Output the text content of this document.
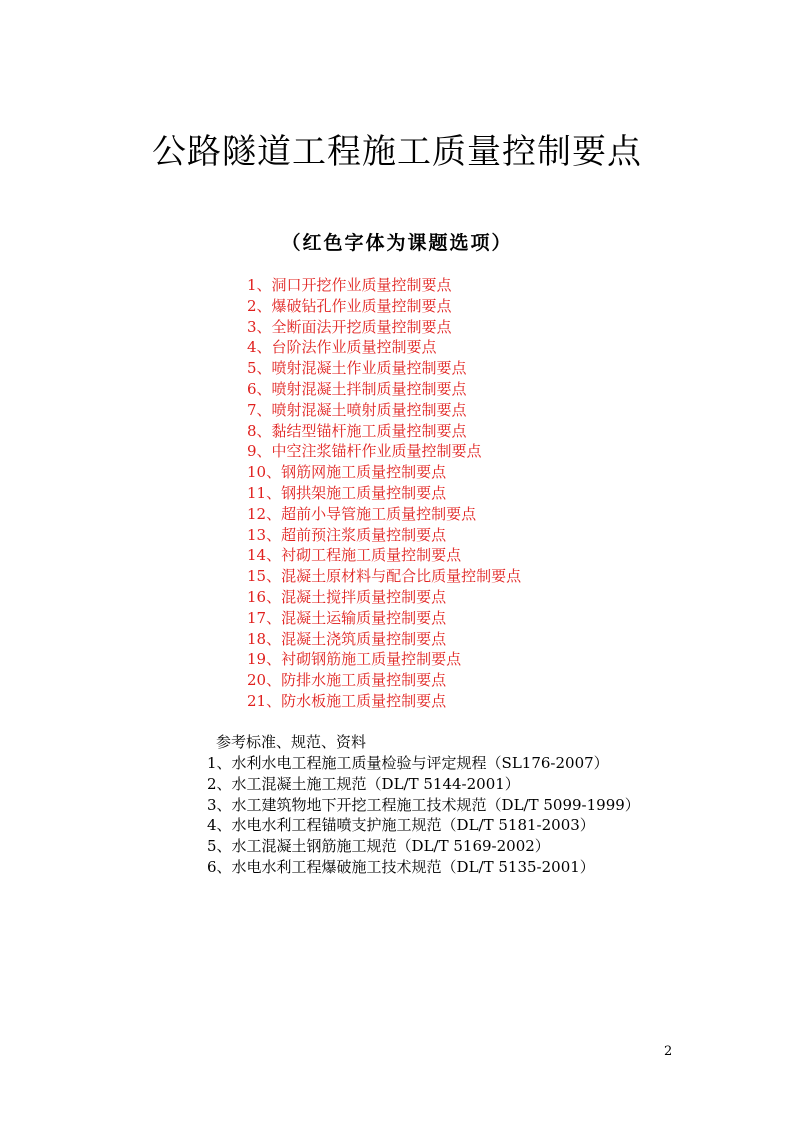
公路隧道工程施工质量控制要点
（红色字体为课题选项）
1、洞口开挖作业质量控制要点
2、爆破钻孔作业质量控制要点
3、全断面法开挖质量控制要点
4、台阶法作业质量控制要点
5、喷射混凝土作业质量控制要点
6、喷射混凝土拌制质量控制要点
7、喷射混凝土喷射质量控制要点
8、黏结型锚杆施工质量控制要点
9、中空注浆锚杆作业质量控制要点
10、钢筋网施工质量控制要点
11、钢拱架施工质量控制要点
12、超前小导管施工质量控制要点
13、超前预注浆质量控制要点
14、衬砌工程施工质量控制要点
15、混凝土原材料与配合比质量控制要点
16、混凝土搅拌质量控制要点
17、混凝土运输质量控制要点
18、混凝土浇筑质量控制要点
19、衬砌钢筋施工质量控制要点
20、防排水施工质量控制要点
21、防水板施工质量控制要点
参考标准、规范、资料
1、水利水电工程施工质量检验与评定规程（SL176-2007）
2、水工混凝土施工规范（DL/T 5144-2001）
3、水工建筑物地下开挖工程施工技术规范（DL/T 5099-1999）
4、水电水利工程锚喷支护施工规范（DL/T 5181-2003）
5、水工混凝土钢筋施工规范（DL/T 5169-2002）
6、水电水利工程爆破施工技术规范（DL/T 5135-2001）
2
